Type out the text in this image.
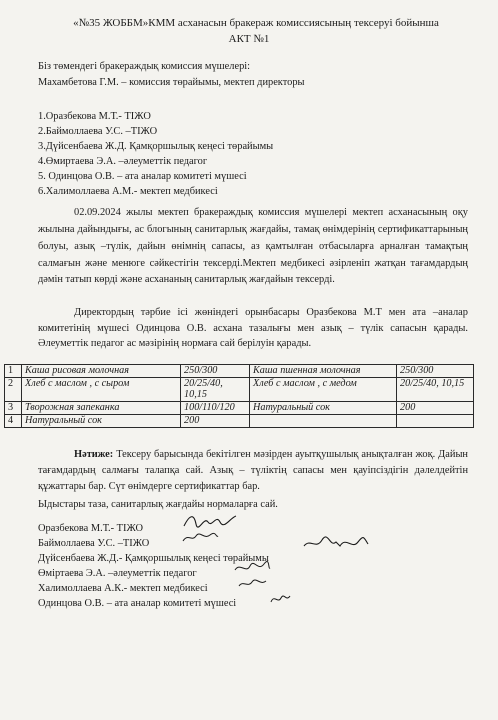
«№35 ЖОББМ»КММ асханасын бракераж комиссиясының тексеруі бойынша
АКТ №1
Біз төмендегі бракераждық комиссия мүшелері:
Махамбетова Г.М. – комиссия төрайымы, мектеп директоры
1.Оразбекова М.Т.- ТІЖО
2.Баймоллаева У.С. –ТІЖО
3.Дүйсенбаева Ж.Д. Қамқоршылық кеңесі төрайымы
4.Өмиртаева Э.А. –әлеуметтік педагог
5. Одинцова О.В. – ата аналар комитеті мүшесі
6.Халимоллаева А.М.- мектеп медбикесі
02.09.2024 жылы мектеп бракераждық комиссия мүшелері мектеп асханасының оқу жылына дайындығы, ас блогының санитарлық жағдайы, тамақ өнімдерінің сертификаттарының болуы, азық –түлік, дайын өнімнің сапасы, аз қамтылған отбасыларға арналған тамақтың салмағын және менюге сәйкестігін тексерді.Мектеп медбикесі әзірленіп жатқан тағамдардың дәмін татып көрді және асхананың санитарлық жағдайын тексерді.
Директордың тәрбие ісі жөніндегі орынбасары Оразбекова М.Т мен ата –аналар комитетінің мүшесі Одинцова О.В. асхана тазалығы мен азық – түлік сапасын қарады. Әлеуметтік педагог ас мәзірінің нормаға сай берілуін қарады.
1	Каша рисовая молочная	250/300	Каша пшенная молочная	250/300
2	Хлеб с маслом , с сыром	20/25/40, 10,15	Хлеб с маслом , с медом	20/25/40, 10,15
3	Творожная запеканка	100/110/120	Натуральный сок	200
4	Натуральный сок	200		
Нәтиже: Тексеру барысында бекітілген мәзірден ауытқушылық анықталған жоқ. Дайын тағамдардың салмағы талапқа сай. Азық – түліктің сапасы мен қауіпсіздігін дәлелдейтін құжаттары бар. Сүт өнімдерге сертификаттар бар.
Ыдыстары таза, санитарлық жағдайы нормаларға сай.
Оразбекова М.Т.- ТІЖО
Баймоллаева У.С. –ТІЖО
Дүйсенбаева Ж.Д.- Қамқоршылық кеңесі төрайымы
Өміртаева Э.А. –әлеуметтік педагог
Халимоллаева А.К.- мектеп медбикесі
Одинцова О.В. – ата аналар комитеті мүшесі
